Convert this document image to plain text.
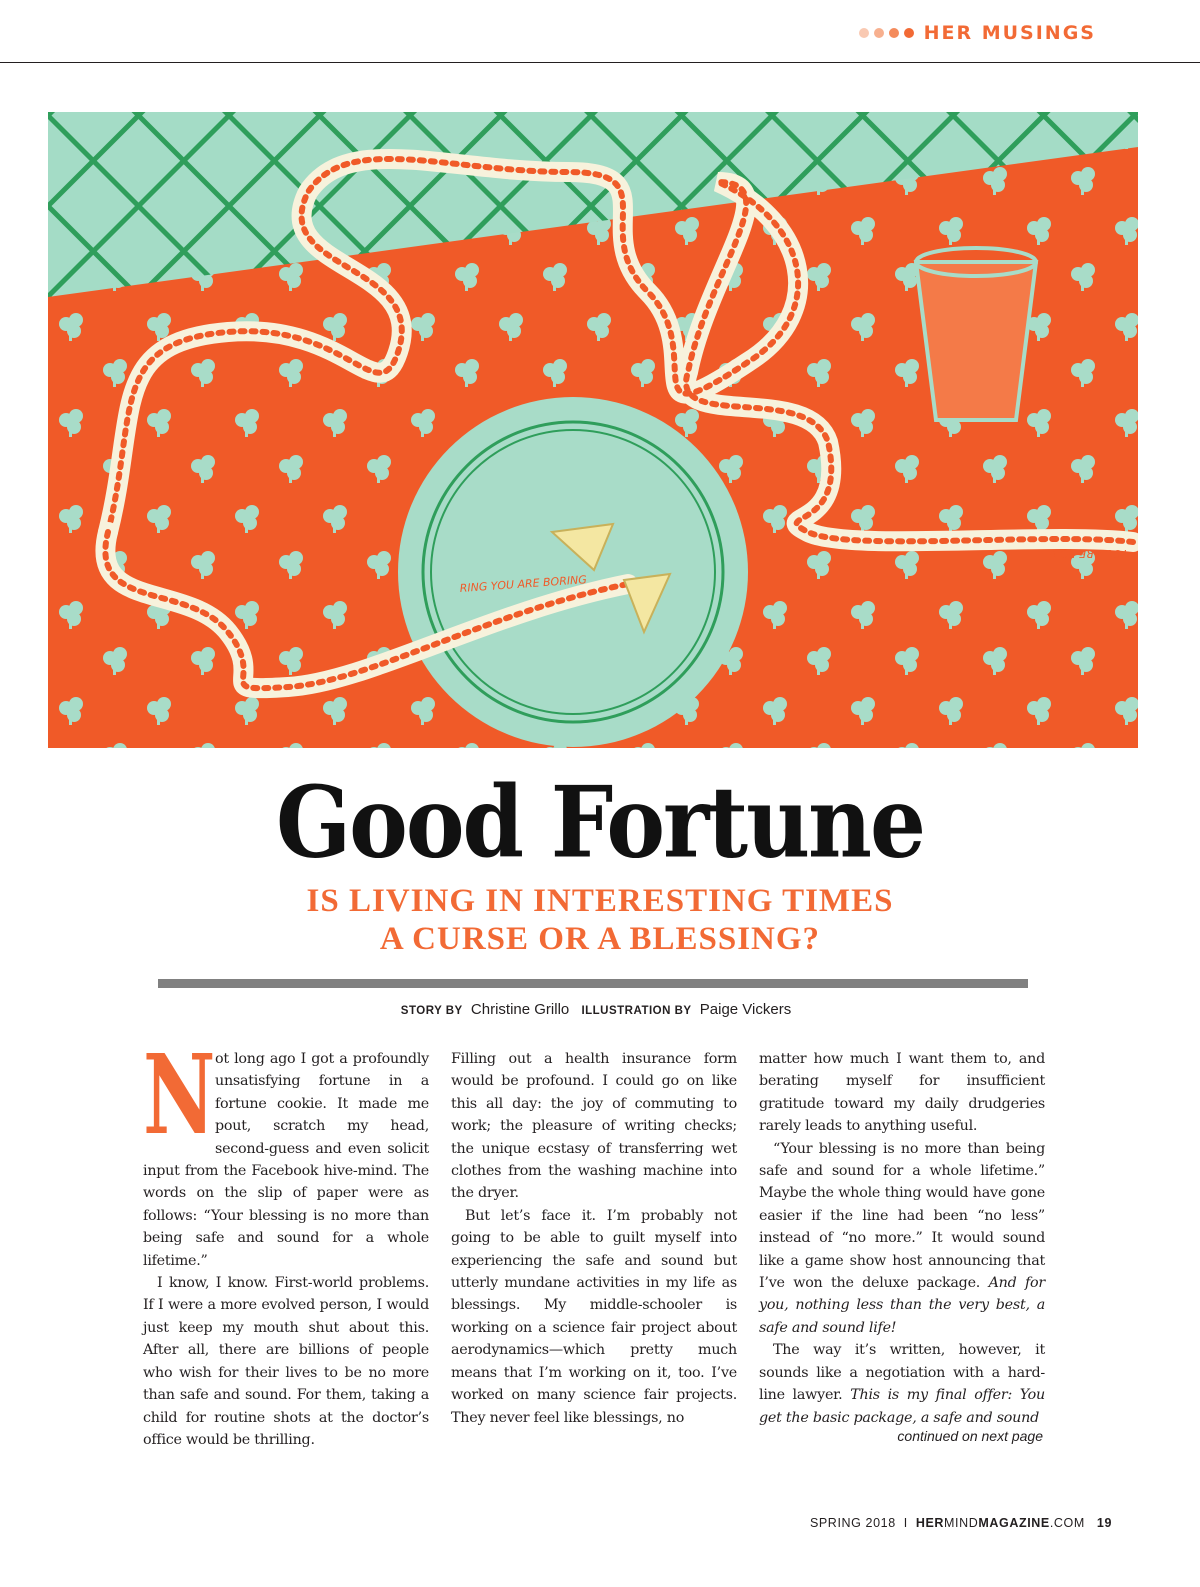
HER MUSINGS
RING YOU ARE BORING
YOU ARE BORI
Good Fortune
IS LIVING IN INTERESTING TIMES
A CURSE OR A BLESSING?
STORY BY Christine Grillo ILLUSTRATION BY Paige Vickers

Not long ago I got a profoundly unsatisfying fortune in a fortune cookie. It made me pout, scratch my head, second-guess and even solicit input from the Facebook hive-mind. The words on the slip of paper were as follows: “Your blessing is no more than being safe and sound for a whole lifetime.”

I know, I know. First-world problems. If I were a more evolved person, I would just keep my mouth shut about this. After all, there are billions of people who wish for their lives to be no more than safe and sound. For them, taking a child for routine shots at the doctor’s office would be thrilling.

Filling out a health insurance form would be profound. I could go on like this all day: the joy of commuting to work; the pleasure of writing checks; the unique ecstasy of transferring wet clothes from the washing machine into the dryer.

But let’s face it. I’m probably not going to be able to guilt myself into experiencing the safe and sound but utterly mundane activities in my life as blessings. My middle-schooler is working on a science fair project about aerodynamics—which pretty much means that I’m working on it, too. I’ve worked on many science fair projects. They never feel like blessings, no

matter how much I want them to, and berating myself for insufficient gratitude toward my daily drudgeries rarely leads to anything useful.

“Your blessing is no more than being safe and sound for a whole lifetime.” Maybe the whole thing would have gone easier if the line had been “no less” instead of “no more.” It would sound like a game show host announcing that I’ve won the deluxe package. And for you, nothing less than the very best, a safe and sound life!

The way it’s written, however, it sounds like a negotiation with a hard-line lawyer. This is my final offer: You get the basic package, a safe and sound

continued on next page
SPRING 2018 I HERMINDMAGAZINE.COM 19
